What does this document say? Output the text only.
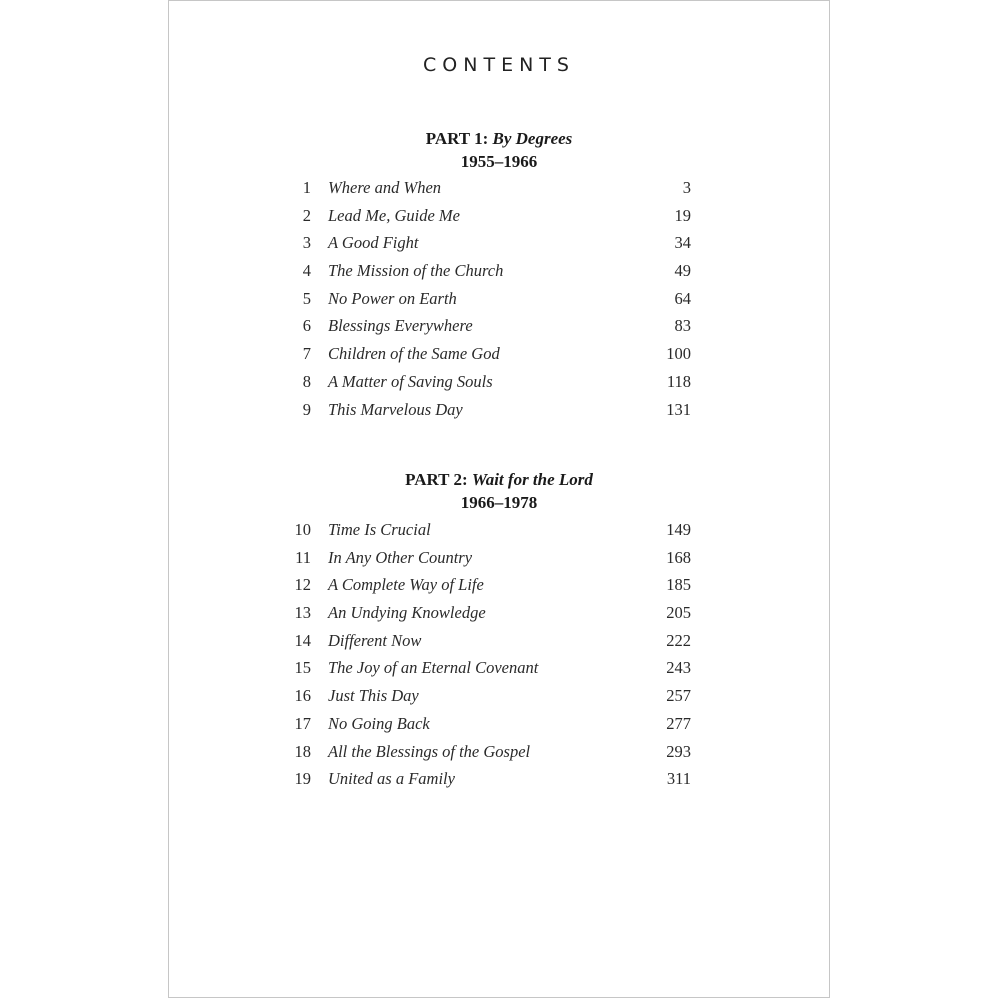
CONTENTS

PART 1: By Degrees

1955–1966

1 Where and When	3
2 Lead Me, Guide Me	19
3 A Good Fight	34
4 The Mission of the Church	49
5 No Power on Earth	64
6 Blessings Everywhere	83
7 Children of the Same God	100
8 A Matter of Saving Souls	118
9 This Marvelous Day	131

PART 2: Wait for the Lord

1966–1978

10 Time Is Crucial	149
11 In Any Other Country	168
12 A Complete Way of Life	185
13 An Undying Knowledge	205
14 Different Now	222
15 The Joy of an Eternal Covenant	243
16 Just This Day	257
17 No Going Back	277
18 All the Blessings of the Gospel	293
19 United as a Family	311
